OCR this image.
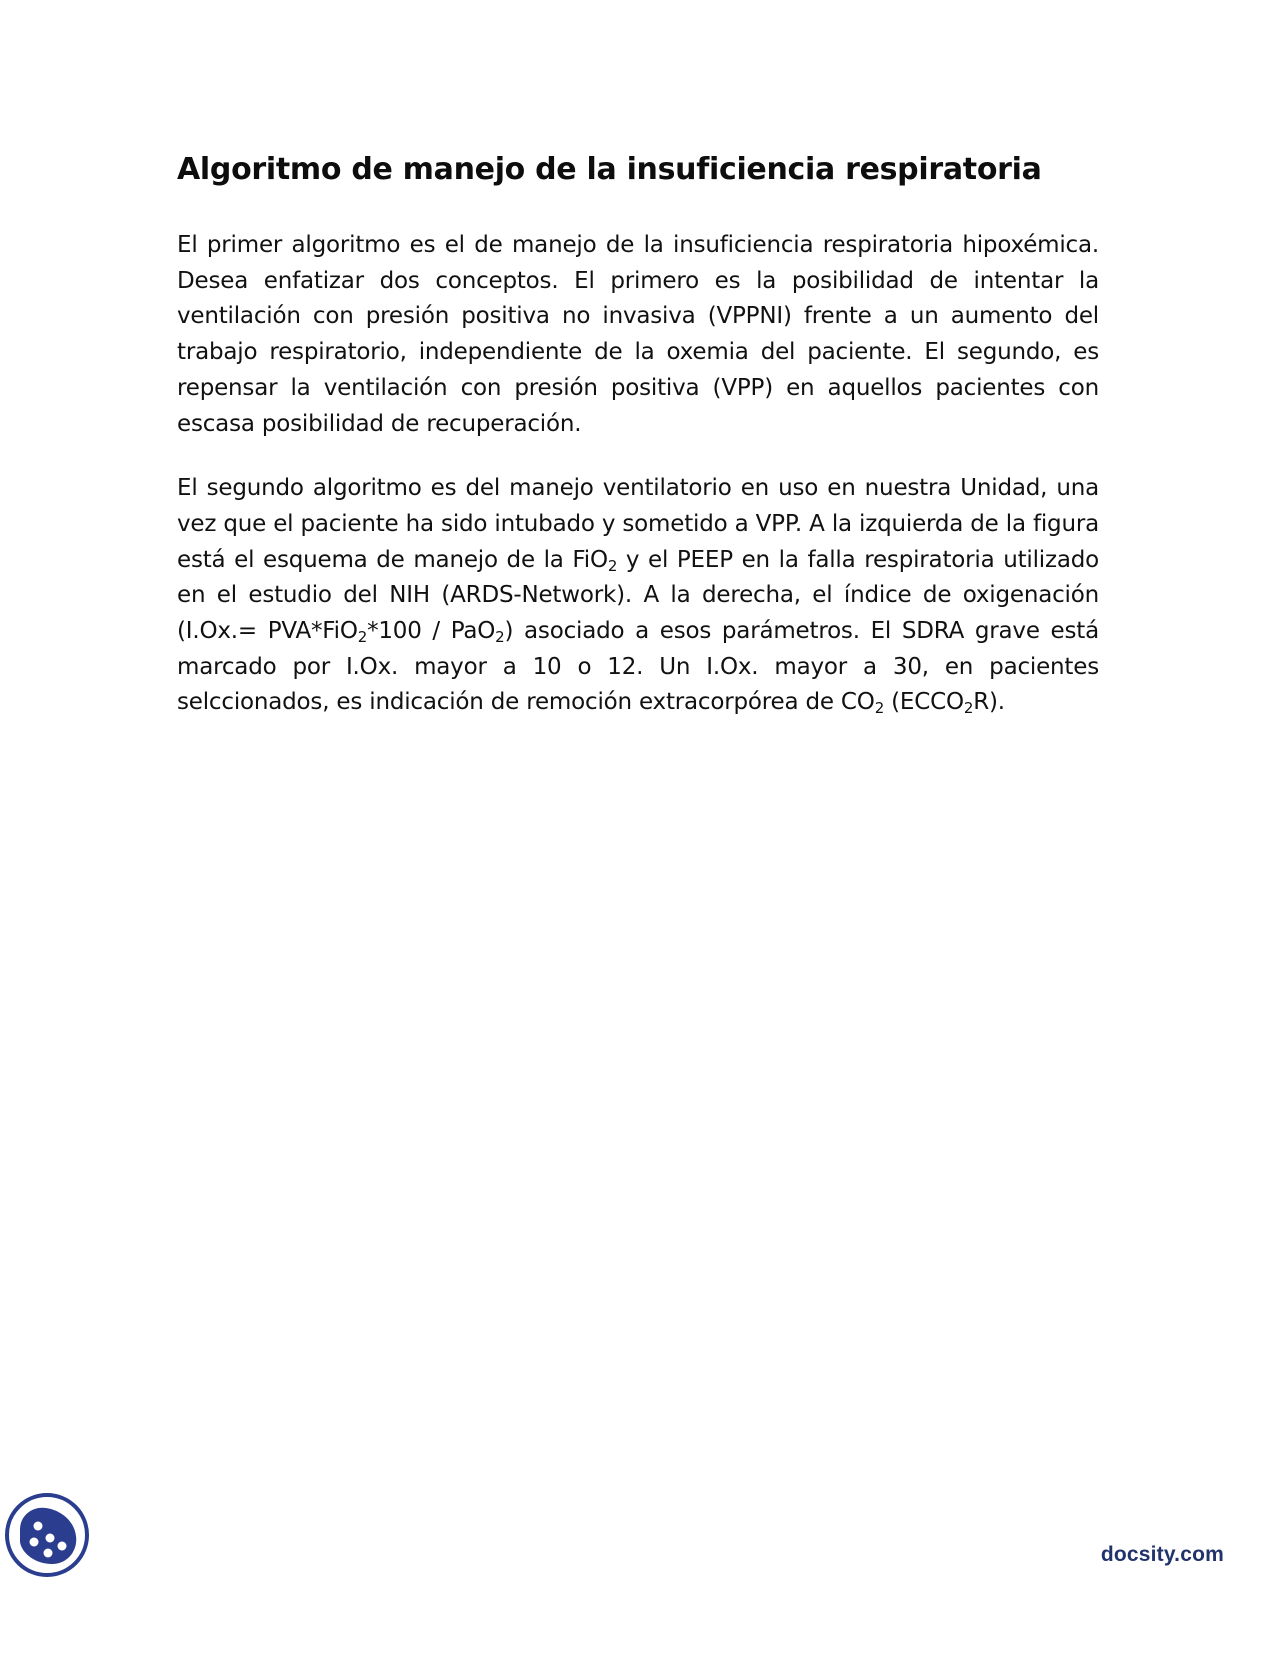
Algoritmo de manejo de la insuficiencia respiratoria

El primer algoritmo es el de manejo de la insuficiencia respiratoria hipoxémica. Desea enfatizar dos conceptos. El primero es la posibilidad de intentar la ventilación con presión positiva no invasiva (VPPNI) frente a un aumento del trabajo respiratorio, independiente de la oxemia del paciente. El segundo, es repensar la ventilación con presión positiva (VPP) en aquellos pacientes con escasa posibilidad de recuperación.

El segundo algoritmo es del manejo ventilatorio en uso en nuestra Unidad, una vez que el paciente ha sido intubado y sometido a VPP. A la izquierda de la figura está el esquema de manejo de la FiO$_2$ y el PEEP en la falla respiratoria utilizado en el estudio del NIH (ARDS-Network). A la derecha, el índice de oxigenación (I.Ox.= PVA*FiO$_2$*100 / PaO$_2$) asociado a esos parámetros. El SDRA grave está marcado por I.Ox. mayor a 10 o 12. Un I.Ox. mayor a 30, en pacientes selccionados, es indicación de remoción extracorpórea de $CO_2$ $(ECCO_2R)$.

docsity.com
